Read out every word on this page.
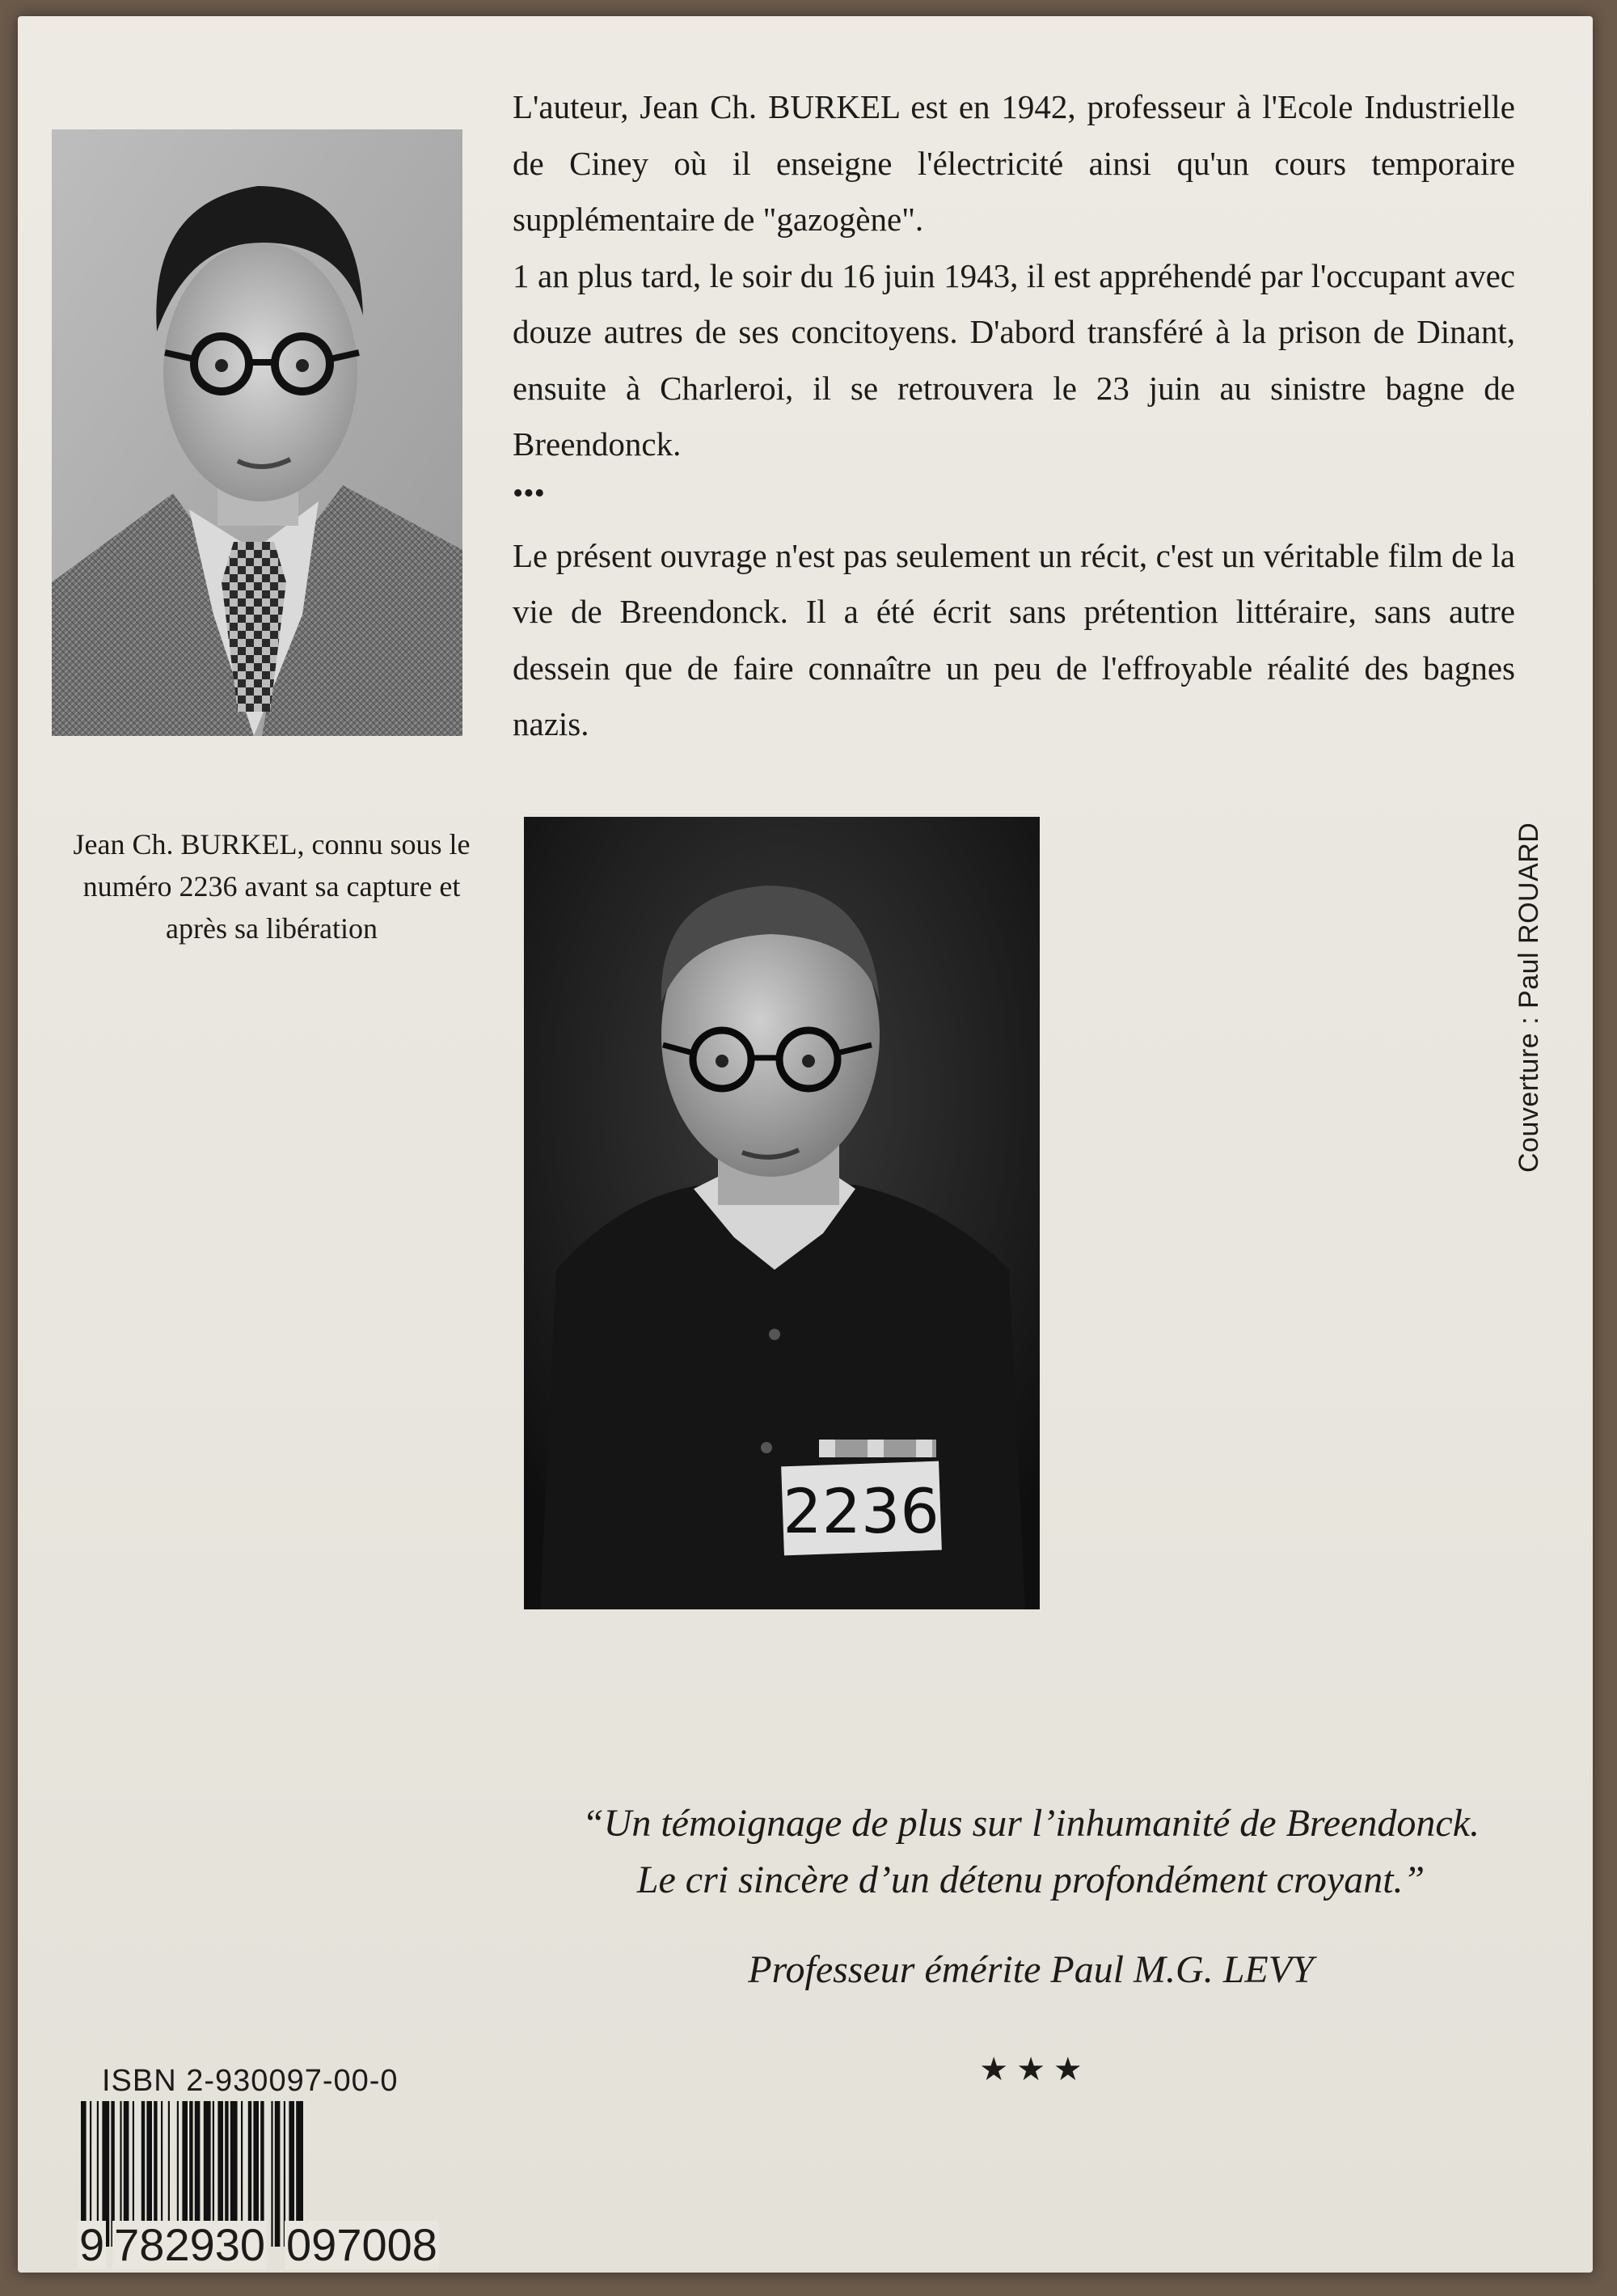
L'auteur, Jean Ch. BURKEL est en 1942, professeur à l'Ecole Industrielle de Ciney où il enseigne l'électricité ainsi qu'un cours temporaire supplémentaire de "gazogène".

1 an plus tard, le soir du 16 juin 1943, il est appréhendé par l'occupant avec douze autres de ses concitoyens. D'abord transféré à la prison de Dinant, ensuite à Charleroi, il se retrouvera le 23 juin au sinistre bagne de Breendonck.

•••

Le présent ouvrage n'est pas seulement un récit, c'est un véritable film de la vie de Breendonck. Il a été écrit sans prétention littéraire, sans autre dessein que de faire connaître un peu de l'effroyable réalité des bagnes nazis.

Jean Ch. BURKEL, connu sous le numéro 2236 avant sa capture et après sa libération
2236
Couverture : Paul ROUARD

“Un témoignage de plus sur l’inhumanité de Breendonck.

Le cri sincère d’un détenu profondément croyant.”

Professeur émérite Paul M.G. LEVY
★★★
ISBN 2-930097-00-0
9 782930 097008
